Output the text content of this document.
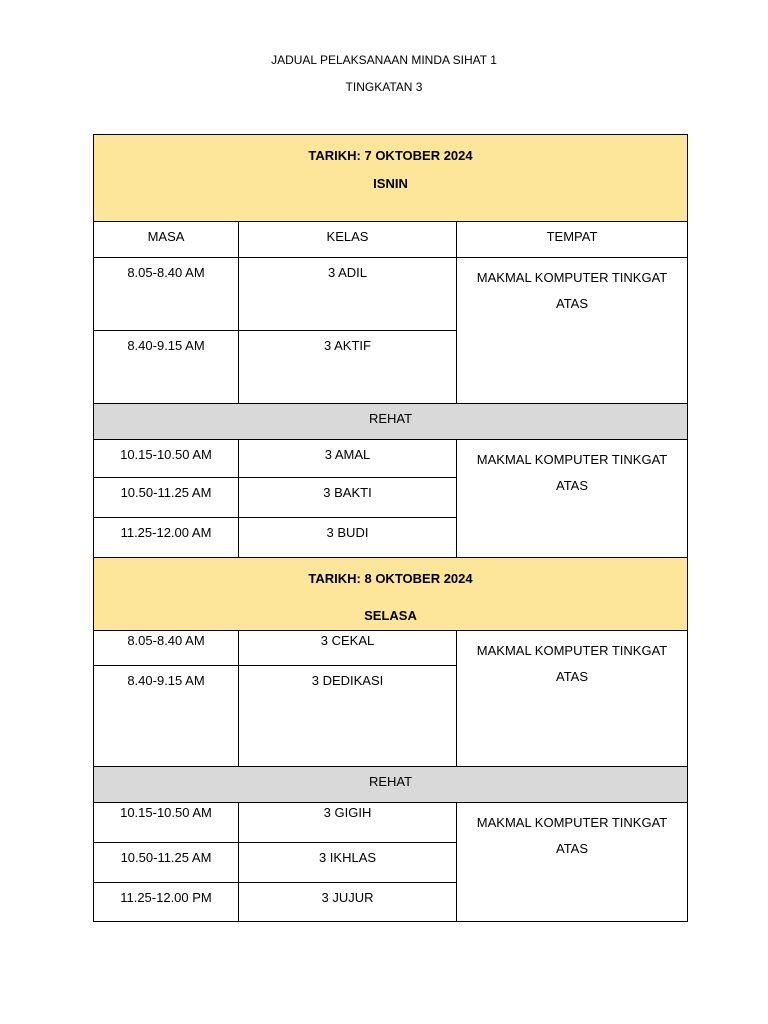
JADUAL PELAKSANAAN MINDA SIHAT 1
TINGKATAN 3
TARIKH: 7 OKTOBER 2024
ISNIN		

MASA	KELAS	TEMPAT
8.05-8.40 AM	3 ADIL	MAKMAL KOMPUTER TINKGAT ATAS
8.40-9.15 AM	3 AKTIF	
REHAT		
10.15-10.50 AM	3 AMAL	MAKMAL KOMPUTER TINKGAT ATAS
10.50-11.25 AM	3 BAKTI	
11.25-12.00 AM	3 BUDI	

TARIKH: 8 OKTOBER 2024
SELASA		

8.05-8.40 AM	3 CEKAL	MAKMAL KOMPUTER TINKGAT ATAS
8.40-9.15 AM	3 DEDIKASI	
REHAT		
10.15-10.50 AM	3 GIGIH	MAKMAL KOMPUTER TINKGAT ATAS
10.50-11.25 AM	3 IKHLAS	
11.25-12.00 PM	3 JUJUR	
